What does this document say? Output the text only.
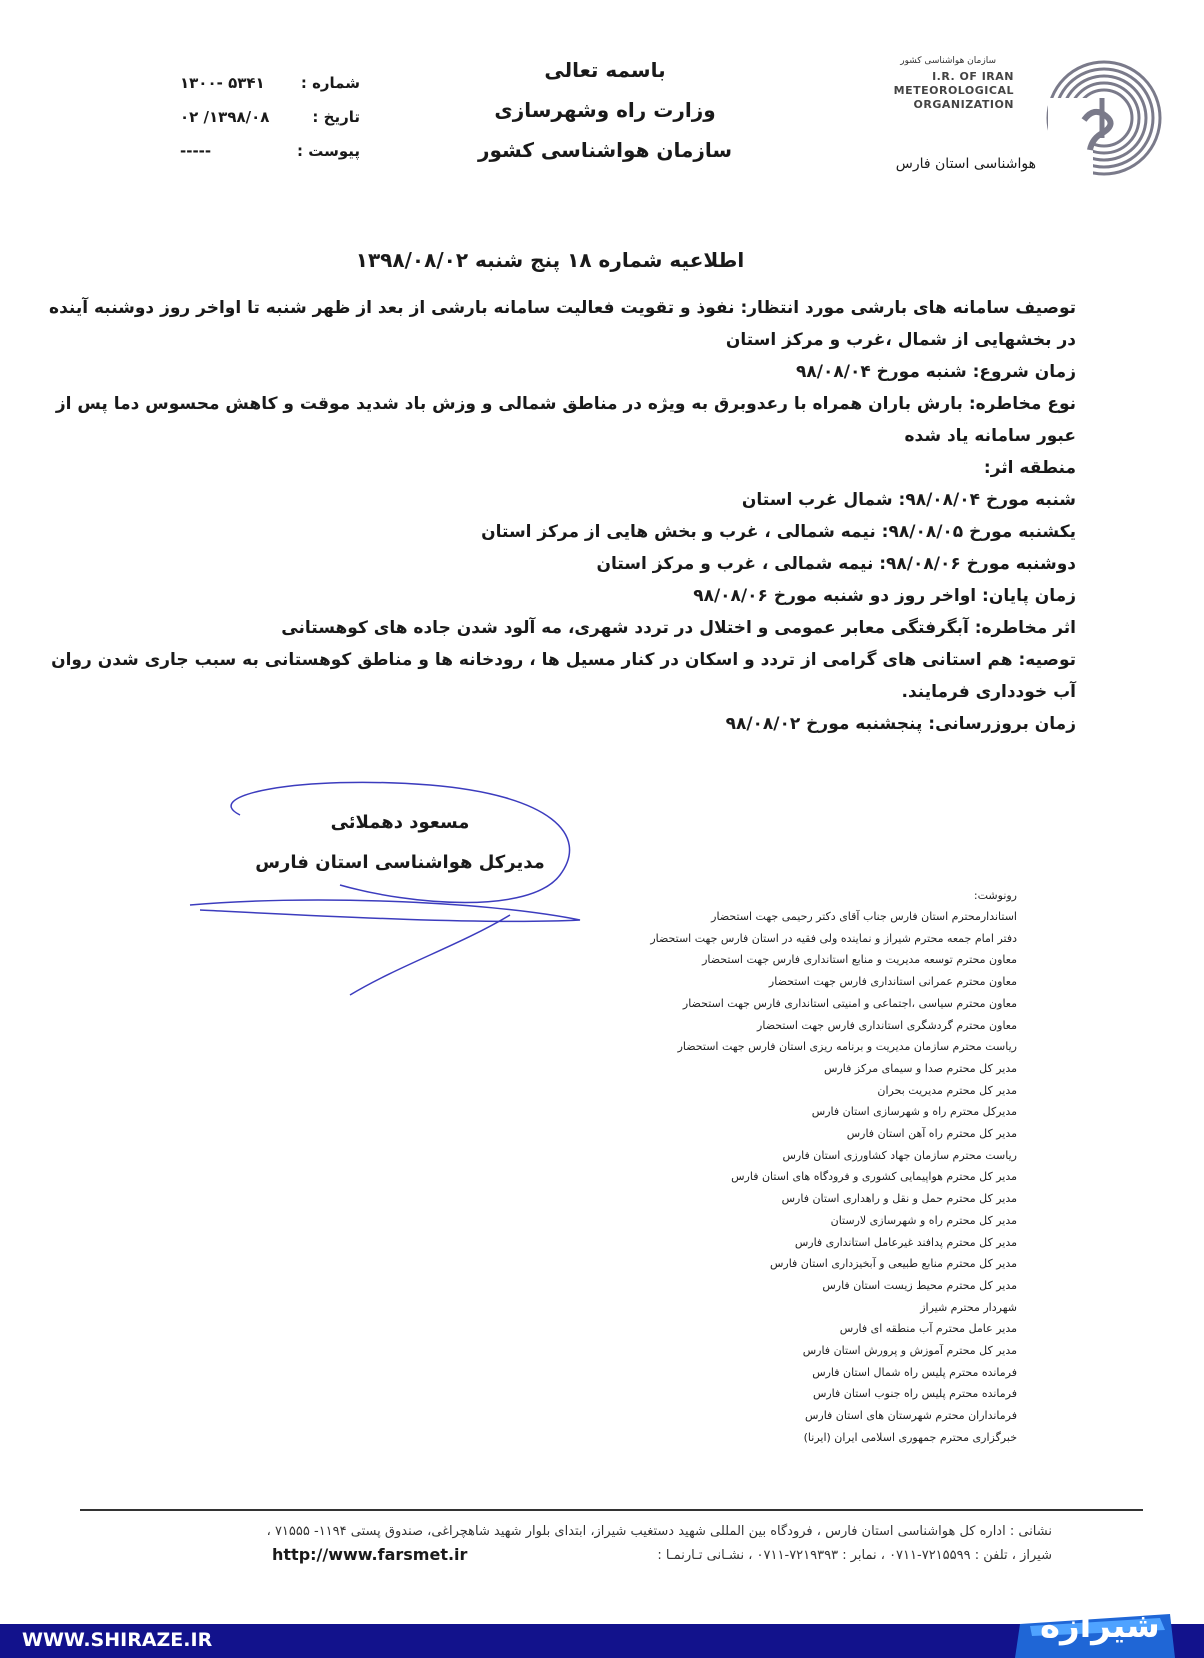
باسمه تعالی
وزارت راه وشهرسازی
سازمان هواشناسی کشور
سازمان هواشناسی کشور
I.R. OF IRAN
METEOROLOGICAL
ORGANIZATION
هواشناسی استان فارس
شماره :
۵۳۴۱ -۱۳۰۰
تاریخ :
۱۳۹۸/۰۸/ ۰۲
پیوست :
-----
اطلاعیه شماره ۱۸ پنج شنبه ۱۳۹۸/۰۸/۰۲
توصیف سامانه های بارشی مورد انتظار: نفوذ و تقویت فعالیت سامانه بارشی از بعد از ظهر شنبه تا اواخر روز دوشنبه آینده
در بخشهایی از شمال ،غرب و مرکز استان
زمان شروع: شنبه مورخ ۹۸/۰۸/۰۴
نوع مخاطره: بارش باران همراه با رعدوبرق به ویژه در مناطق شمالی و وزش باد شدید موقت و کاهش محسوس دما پس از
عبور سامانه یاد شده
منطقه اثر:
شنبه مورخ ۹۸/۰۸/۰۴: شمال غرب استان
یکشنبه مورخ ۹۸/۰۸/۰۵: نیمه شمالی ، غرب و بخش هایی از مرکز استان
دوشنبه مورخ ۹۸/۰۸/۰۶: نیمه شمالی ، غرب و مرکز استان
زمان پایان: اواخر روز دو شنبه مورخ ۹۸/۰۸/۰۶
اثر مخاطره: آبگرفتگی معابر عمومی و اختلال در تردد شهری، مه آلود شدن جاده های کوهستانی
توصیه: هم استانی های گرامی از تردد و اسکان در کنار مسیل ها ، رودخانه ها و مناطق کوهستانی به سبب جاری شدن روان
آب خودداری فرمایند.
زمان بروزرسانی: پنجشنبه مورخ ۹۸/۰۸/۰۲
مسعود دهملائی
مدیرکل هواشناسی استان فارس
رونوشت:
استاندارمحترم استان فارس جناب آقای دکتر رحیمی جهت استحضار
دفتر امام جمعه محترم شیراز و نماینده ولی فقیه در استان فارس جهت استحضار
معاون محترم توسعه مدیریت و منابع استانداری فارس جهت استحضار
معاون محترم عمرانی استانداری فارس جهت استحضار
معاون محترم سیاسی ،اجتماعی و امنیتی استانداری فارس جهت استحضار
معاون محترم گردشگری استانداری فارس جهت استحضار
ریاست محترم سازمان مدیریت و برنامه ریزی استان فارس جهت استحضار
مدیر کل محترم صدا و سیمای مرکز فارس
مدیر کل محترم مدیریت بحران
مدیرکل محترم راه و شهرسازی استان فارس
مدیر کل محترم راه آهن استان فارس
ریاست محترم سازمان جهاد کشاورزی استان فارس
مدیر کل محترم هواپیمایی کشوری و فرودگاه های استان فارس
مدیر کل محترم حمل و نقل و راهداری استان فارس
مدیر کل محترم راه و شهرسازی لارستان
مدیر کل محترم پدافند غیرعامل استانداری فارس
مدیر کل محترم منابع طبیعی و آبخیزداری استان فارس
مدیر کل محترم محیط زیست استان فارس
شهردار محترم شیراز
مدیر عامل محترم آب منطقه ای فارس
مدیر کل محترم آموزش و پرورش استان فارس
فرمانده محترم پلیس راه شمال استان فارس
فرمانده محترم پلیس راه جنوب استان فارس
فرمانداران محترم شهرستان های استان فارس
خبرگزاری محترم جمهوری اسلامی ایران (ایرنا)
نشانی : اداره کل هواشناسی استان فارس ، فرودگاه بین المللی شهید دستغیب شیراز، ابتدای بلوار شهید شاهچراغی، صندوق پستی ۱۱۹۴- ۷۱۵۵۵ ،
شیراز ، تلفن : ۷۲۱۵۵۹۹-۰۷۱۱ ، نمابر : ۷۲۱۹۳۹۳-۰۷۱۱ ، نشـانی تـارنمـا :
http://www.farsmet.ir
WWW.SHIRAZE.IR	شیرازه
